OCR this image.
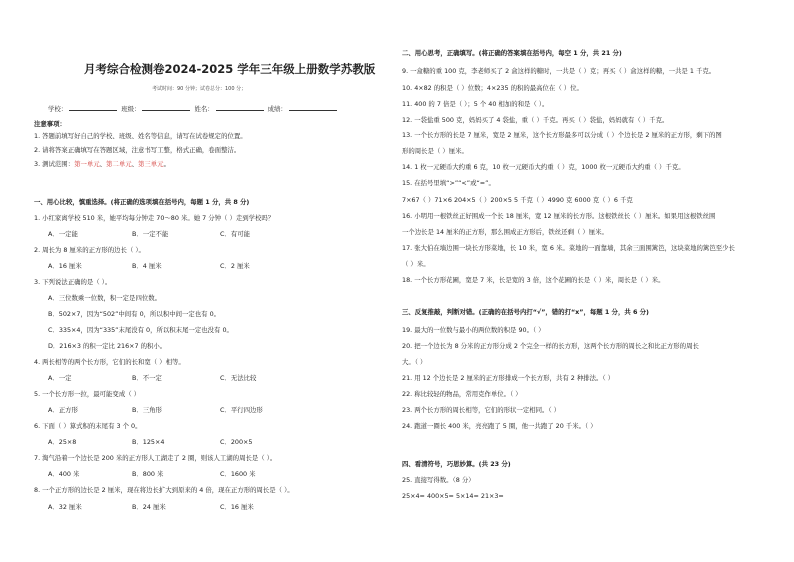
月考综合检测卷2024-2025 学年三年级上册数学苏教版
考试时间：90 分钟；试卷总分：100 分；
学校：	班级：	姓名：	成绩：
注意事项：
1. 答题前填写好自己的学校、班级、姓名等信息，请写在试卷规定的位置。
2. 请将答案正确填写在答题区域，注意书写工整，格式正确，卷面整洁。
3. 测试范围：第一单元、第二单元、第三单元。
一、用心比较，慎重选择。(将正确的选项填在括号内，每题 1 分，共 8 分)
1. 小红家离学校 510 米，她平均每分钟走 70～80 米。她 7 分钟（ ）走到学校吗？
A．一定能	B．一定不能	C．有可能
2. 周长为 8 厘米的正方形的边长（ ）。
A．16 厘米	B．4 厘米	C．2 厘米
3. 下列说法正确的是（ ）。
A．三位数乘一位数，积一定是四位数。
B．502×7，因为“502”中间有 0，所以积中间一定也有 0。
C．335×4，因为“335”末尾没有 0，所以积末尾一定也没有 0。
D．216×3 的积一定比 216×7 的积小。
4. 两长相等的两个长方形，它们的长和宽（ ）相等。
A．一定	B．不一定	C．无法比较
5. 一个长方形一拉，最可能变成（ ）
A．正方形	B．三角形	C．平行四边形
6. 下面（ ）算式积的末尾有 3 个 0。
A．25×8	B．125×4	C．200×5
7. 淘气沿着一个边长是 200 米的正方形人工湖走了 2 圈，则该人工湖的周长是（ ）。
A．400 米	B．800 米	C．1600 米
8. 一个正方形的边长是 2 厘米，现在将边长扩大到原来的 4 倍，现在正方形的周长是（ ）。
A．32 厘米	B．24 厘米	C．16 厘米
二、用心思考，正确填写。(将正确的答案填在括号内，每空 1 分，共 21 分)
9. 一盒糖的重 100 克，李老师买了 2 盒这样的糖时，一共是（ ）克；再买（ ）盒这样的糖，一共是 1 千克。
10. 4×82 的积是（ ）位数；4×235 的积的最高位在（ ）位。
11. 400 的 7 倍是（ ）；5 个 40 相加的和是（ ）。
12. 一袋盐重 500 克，妈妈买了 4 袋盐，重（ ）千克。再买（ ）袋盐，妈妈就有（ ）千克。
13. 一个长方形的长是 7 厘米，宽是 2 厘米，这个长方形最多可以分成（ ）个边长是 2 厘米的正方形，剩下的图
形的周长是（ ）厘米。
14. 1 枚一元硬币大约重 6 克，10 枚一元硬币大约重（ ）克，1000 枚一元硬币大约重（ ）千克。
15. 在括号里填“>”“<”或“=”。
7×67（ ）71×6 204×5（ ）200×5 5 千克（ ）4990 克 6000 克（ ）6 千克
16. 小明用一根铁丝正好围成一个长 18 厘米，宽 12 厘米的长方形。这根铁丝长（ ）厘米。如果用这根铁丝围
一个边长是 14 厘米的正方形，那么围成正方形后，铁丝还剩（ ）厘米。
17. 张大伯在墙边围一块长方形菜地，长 10 米，宽 6 米。菜地的一面靠墙，其余三面围篱笆，这块菜地的篱笆至少长
（ ）米。
18. 一个长方形花圃，宽是 7 米，长是宽的 3 倍，这个花圃的长是（ ）米，周长是（ ）米。
三、反复推敲，判断对错。(正确的在括号内打“√”，错的打“x”，每题 1 分，共 6 分)
19. 最大的一位数与最小的两位数的积是 90。（ ）
20. 把一个边长为 8 分米的正方形分成 2 个完全一样的长方形，这两个长方形的周长之和比正方形的周长
大。（ ）
21. 用 12 个边长是 2 厘米的正方形排成一个长方形，共有 2 种排法。（ ）
22. 称比较轻的物品，常用克作单位。（ ）
23. 两个长方形的周长相等，它们的形状一定相同。（ ）
24. 跑道一圈长 400 米，亮亮跑了 5 圈，他一共跑了 20 千米。（ ）
四、看清符号，巧思妙算。(共 23 分)
25. 直接写得数。（8 分）
25×4= 400×5= 5×14= 21×3=
